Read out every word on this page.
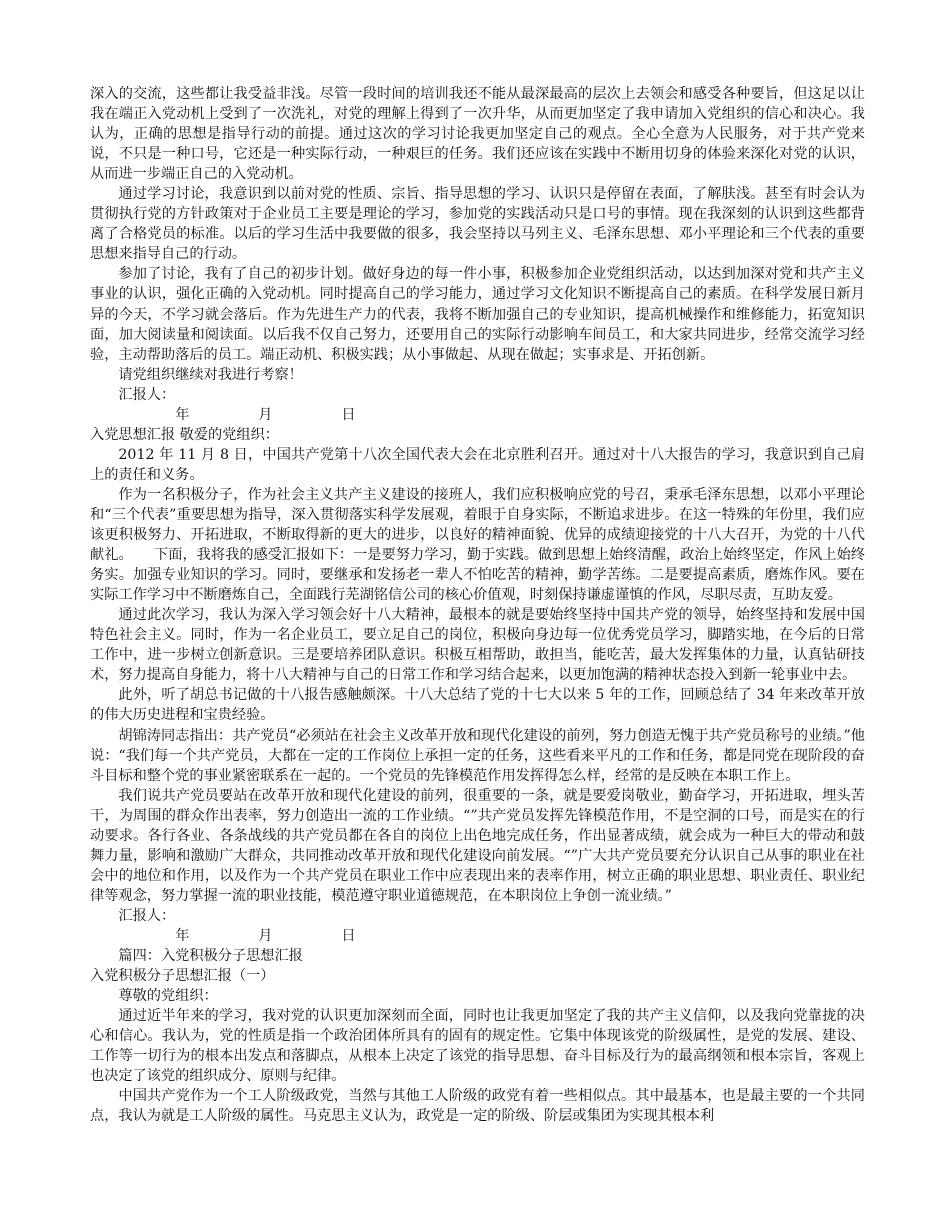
深入的交流，这些都让我受益非浅。尽管一段时间的培训我还不能从最深最高的层次上去领会和感受各种要旨，但这足以让我在端正入党动机上受到了一次洗礼，对党的理解上得到了一次升华，从而更加坚定了我申请加入党组织的信心和决心。我认为，正确的思想是指导行动的前提。通过这次的学习讨论我更加坚定自己的观点。全心全意为人民服务，对于共产党来说，不只是一种口号，它还是一种实际行动，一种艰巨的任务。我们还应该在实践中不断用切身的体验来深化对党的认识，从而进一步端正自己的入党动机。

通过学习讨论，我意识到以前对党的性质、宗旨、指导思想的学习、认识只是停留在表面，了解肤浅。甚至有时会认为贯彻执行党的方针政策对于企业员工主要是理论的学习，参加党的实践活动只是口号的事情。现在我深刻的认识到这些都背离了合格党员的标准。以后的学习生活中我要做的很多，我会坚持以马列主义、毛泽东思想、邓小平理论和三个代表的重要思想来指导自己的行动。

参加了讨论，我有了自己的初步计划。做好身边的每一件小事，积极参加企业党组织活动，以达到加深对党和共产主义事业的认识，强化正确的入党动机。同时提高自己的学习能力，通过学习文化知识不断提高自己的素质。在科学发展日新月异的今天，不学习就会落后。作为先进生产力的代表，我将不断加强自己的专业知识，提高机械操作和维修能力，拓宽知识面，加大阅读量和阅读面。以后我不仅自己努力，还要用自己的实际行动影响车间员工，和大家共同进步，经常交流学习经验，主动帮助落后的员工。端正动机、积极实践；从小事做起、从现在做起；实事求是、开拓创新。

请党组织继续对我进行考察！

汇报人：

年	月	日

入党思想汇报 敬爱的党组织：

2012 年 11 月 8 日，中国共产党第十八次全国代表大会在北京胜利召开。通过对十八大报告的学习，我意识到自己肩上的责任和义务。

作为一名积极分子，作为社会主义共产主义建设的接班人，我们应积极响应党的号召，秉承毛泽东思想，以邓小平理论和“三个代表”重要思想为指导，深入贯彻落实科学发展观，着眼于自身实际，不断追求进步。在这一特殊的年份里，我们应该更积极努力、开拓进取，不断取得新的更大的进步，以良好的精神面貌、优异的成绩迎接党的十八大召开，为党的十八代献礼。　　下面，我将我的感受汇报如下：一是要努力学习，勤于实践。做到思想上始终清醒，政治上始终坚定，作风上始终务实。加强专业知识的学习。同时，要继承和发扬老一辈人不怕吃苦的精神，勤学苦练。二是要提高素质，磨炼作风。要在实际工作学习中不断磨炼自己，全面践行芜湖铭信公司的核心价值观，时刻保持谦虚谨慎的作风，尽职尽责，互助友爱。

通过此次学习，我认为深入学习领会好十八大精神，最根本的就是要始终坚持中国共产党的领导，始终坚持和发展中国特色社会主义。同时，作为一名企业员工，要立足自己的岗位，积极向身边每一位优秀党员学习，脚踏实地，在今后的日常工作中，进一步树立创新意识。三是要培养团队意识。积极互相帮助，敢担当，能吃苦，最大发挥集体的力量，认真钻研技术，努力提高自身能力，将十八大精神与自己的日常工作和学习结合起来，以更加饱满的精神状态投入到新一轮事业中去。

此外，听了胡总书记做的十八报告感触颇深。十八大总结了党的十七大以来 5 年的工作，回顾总结了 34 年来改革开放的伟大历史进程和宝贵经验。

胡锦涛同志指出：共产党员“必须站在社会主义改革开放和现代化建设的前列，努力创造无愧于共产党员称号的业绩。”他说：“我们每一个共产党员，大都在一定的工作岗位上承担一定的任务，这些看来平凡的工作和任务，都是同党在现阶段的奋斗目标和整个党的事业紧密联系在一起的。一个党员的先锋模范作用发挥得怎么样，经常的是反映在本职工作上。

我们说共产党员要站在改革开放和现代化建设的前列，很重要的一条，就是要爱岗敬业，勤奋学习，开拓进取，埋头苦干，为周围的群众作出表率，努力创造出一流的工作业绩。“”共产党员发挥先锋模范作用，不是空洞的口号，而是实在的行动要求。各行各业、各条战线的共产党员都在各自的岗位上出色地完成任务，作出显著成绩，就会成为一种巨大的带动和鼓舞力量，影响和激励广大群众，共同推动改革开放和现代化建设向前发展。“”广大共产党员要充分认识自己从事的职业在社会中的地位和作用，以及作为一个共产党员在职业工作中应表现出来的表率作用，树立正确的职业思想、职业责任、职业纪律等观念，努力掌握一流的职业技能，模范遵守职业道德规范，在本职岗位上争创一流业绩。”

汇报人：

年	月	日

篇四：入党积极分子思想汇报

入党积极分子思想汇报（一）

尊敬的党组织：

通过近半年来的学习，我对党的认识更加深刻而全面，同时也让我更加坚定了我的共产主义信仰，以及我向党靠拢的决心和信心。我认为，党的性质是指一个政治团体所具有的固有的规定性。它集中体现该党的阶级属性，是党的发展、建设、工作等一切行为的根本出发点和落脚点，从根本上决定了该党的指导思想、奋斗目标及行为的最高纲领和根本宗旨，客观上也决定了该党的组织成分、原则与纪律。

中国共产党作为一个工人阶级政党，当然与其他工人阶级的政党有着一些相似点。其中最基本，也是最主要的一个共同点，我认为就是工人阶级的属性。马克思主义认为，政党是一定的阶级、阶层或集团为实现其根本利
